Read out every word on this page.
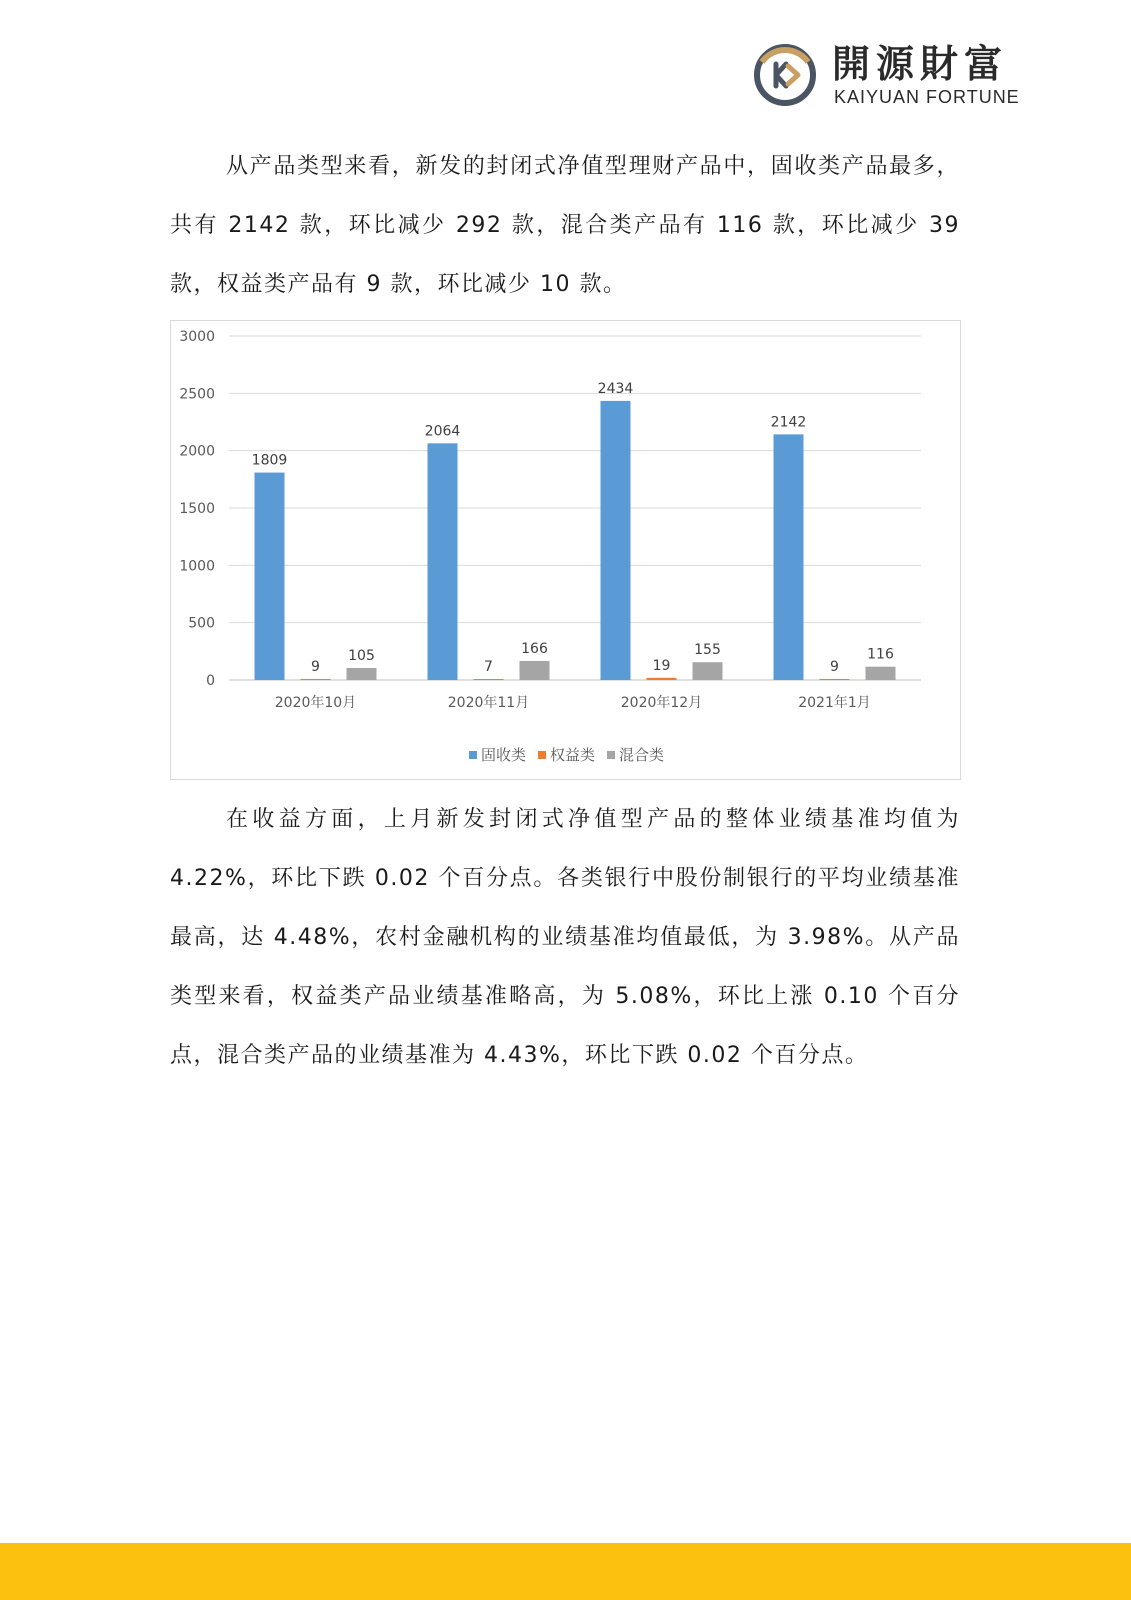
開源財富
KAIYUAN FORTUNE

从产品类型来看，新发的封闭式净值型理财产品中，固收类产品最多，共有 2142 款，环比减少 292 款，混合类产品有 116 款，环比减少 39 款，权益类产品有 9 款，环比减少 10 款。

0
500
1000
1500
2000
2500
3000
1809
9
105
2020年10月
2064
7
166
2020年11月
2434
19
155
2020年12月
2142
9
116
2021年1月
固收类 权益类 混合类

在收益方面，上月新发封闭式净值型产品的整体业绩基准均值为 4.22%，环比下跌 0.02 个百分点。各类银行中股份制银行的平均业绩基准最高，达 4.48%，农村金融机构的业绩基准均值最低，为 3.98%。从产品类型来看，权益类产品业绩基准略高，为 5.08%，环比上涨 0.10 个百分点，混合类产品的业绩基准为 4.43%，环比下跌 0.02 个百分点。
